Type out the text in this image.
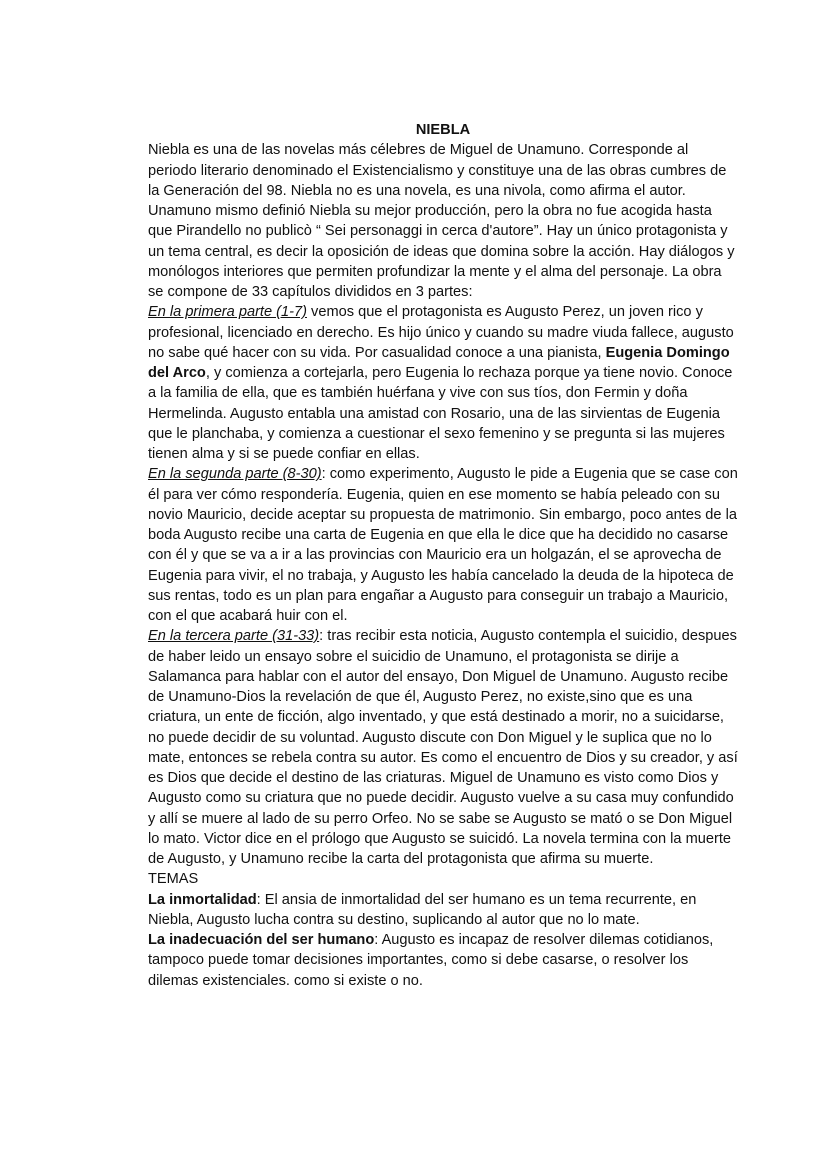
NIEBLA

Niebla es una de las novelas más célebres de Miguel de Unamuno. Corresponde al periodo literario denominado el Existencialismo y constituye una de las obras cumbres de la Generación del 98. Niebla no es una novela, es una nivola, como afirma el autor. Unamuno mismo definió Niebla su mejor producción, pero la obra no fue acogida hasta que Pirandello no publicò “ Sei personaggi in cerca d'autore”. Hay un único protagonista y un tema central, es decir la oposición de ideas que domina sobre la acción. Hay diálogos y monólogos interiores que permiten profundizar la mente y el alma del personaje. La obra se compone de 33 capítulos divididos en 3 partes:

En la primera parte (1-7) vemos que el protagonista es Augusto Perez, un joven rico y profesional, licenciado en derecho. Es hijo único y cuando su madre viuda fallece, augusto no sabe qué hacer con su vida. Por casualidad conoce a una pianista, Eugenia Domingo del Arco, y comienza a cortejarla, pero Eugenia lo rechaza porque ya tiene novio. Conoce a la familia de ella, que es también huérfana y vive con sus tíos, don Fermin y doña Hermelinda. Augusto entabla una amistad con Rosario, una de las sirvientas de Eugenia que le planchaba, y comienza a cuestionar el sexo femenino y se pregunta si las mujeres tienen alma y si se puede confiar en ellas.

En la segunda parte (8-30): como experimento, Augusto le pide a Eugenia que se case con él para ver cómo respondería. Eugenia, quien en ese momento se había peleado con su novio Mauricio, decide aceptar su propuesta de matrimonio. Sin embargo, poco antes de la boda Augusto recibe una carta de Eugenia en que ella le dice que ha decidido no casarse con él y que se va a ir a las provincias con Mauricio era un holgazán, el se aprovecha de Eugenia para vivir, el no trabaja, y Augusto les había cancelado la deuda de la hipoteca de sus rentas, todo es un plan para engañar a Augusto para conseguir un trabajo a Mauricio, con el que acabará huir con el.

En la tercera parte (31-33): tras recibir esta noticia, Augusto contempla el suicidio, despues de haber leido un ensayo sobre el suicidio de Unamuno, el protagonista se dirije a Salamanca para hablar con el autor del ensayo, Don Miguel de Unamuno. Augusto recibe de Unamuno-Dios la revelación de que él, Augusto Perez, no existe,sino que es una criatura, un ente de ficción, algo inventado, y que está destinado a morir, no a suicidarse, no puede decidir de su voluntad. Augusto discute con Don Miguel y le suplica que no lo mate, entonces se rebela contra su autor. Es como el encuentro de Dios y su creador, y así es Dios que decide el destino de las criaturas. Miguel de Unamuno es visto como Dios y Augusto como su criatura que no puede decidir. Augusto vuelve a su casa muy confundido y allí se muere al lado de su perro Orfeo. No se sabe se Augusto se mató o se Don Miguel lo mato. Victor dice en el prólogo que Augusto se suicidó. La novela termina con la muerte de Augusto, y Unamuno recibe la carta del protagonista que afirma su muerte.

TEMAS

La inmortalidad: El ansia de inmortalidad del ser humano es un tema recurrente, en Niebla, Augusto lucha contra su destino, suplicando al autor que no lo mate.

La inadecuación del ser humano: Augusto es incapaz de resolver dilemas cotidianos, tampoco puede tomar decisiones importantes, como si debe casarse, o resolver los dilemas existenciales. como si existe o no.
